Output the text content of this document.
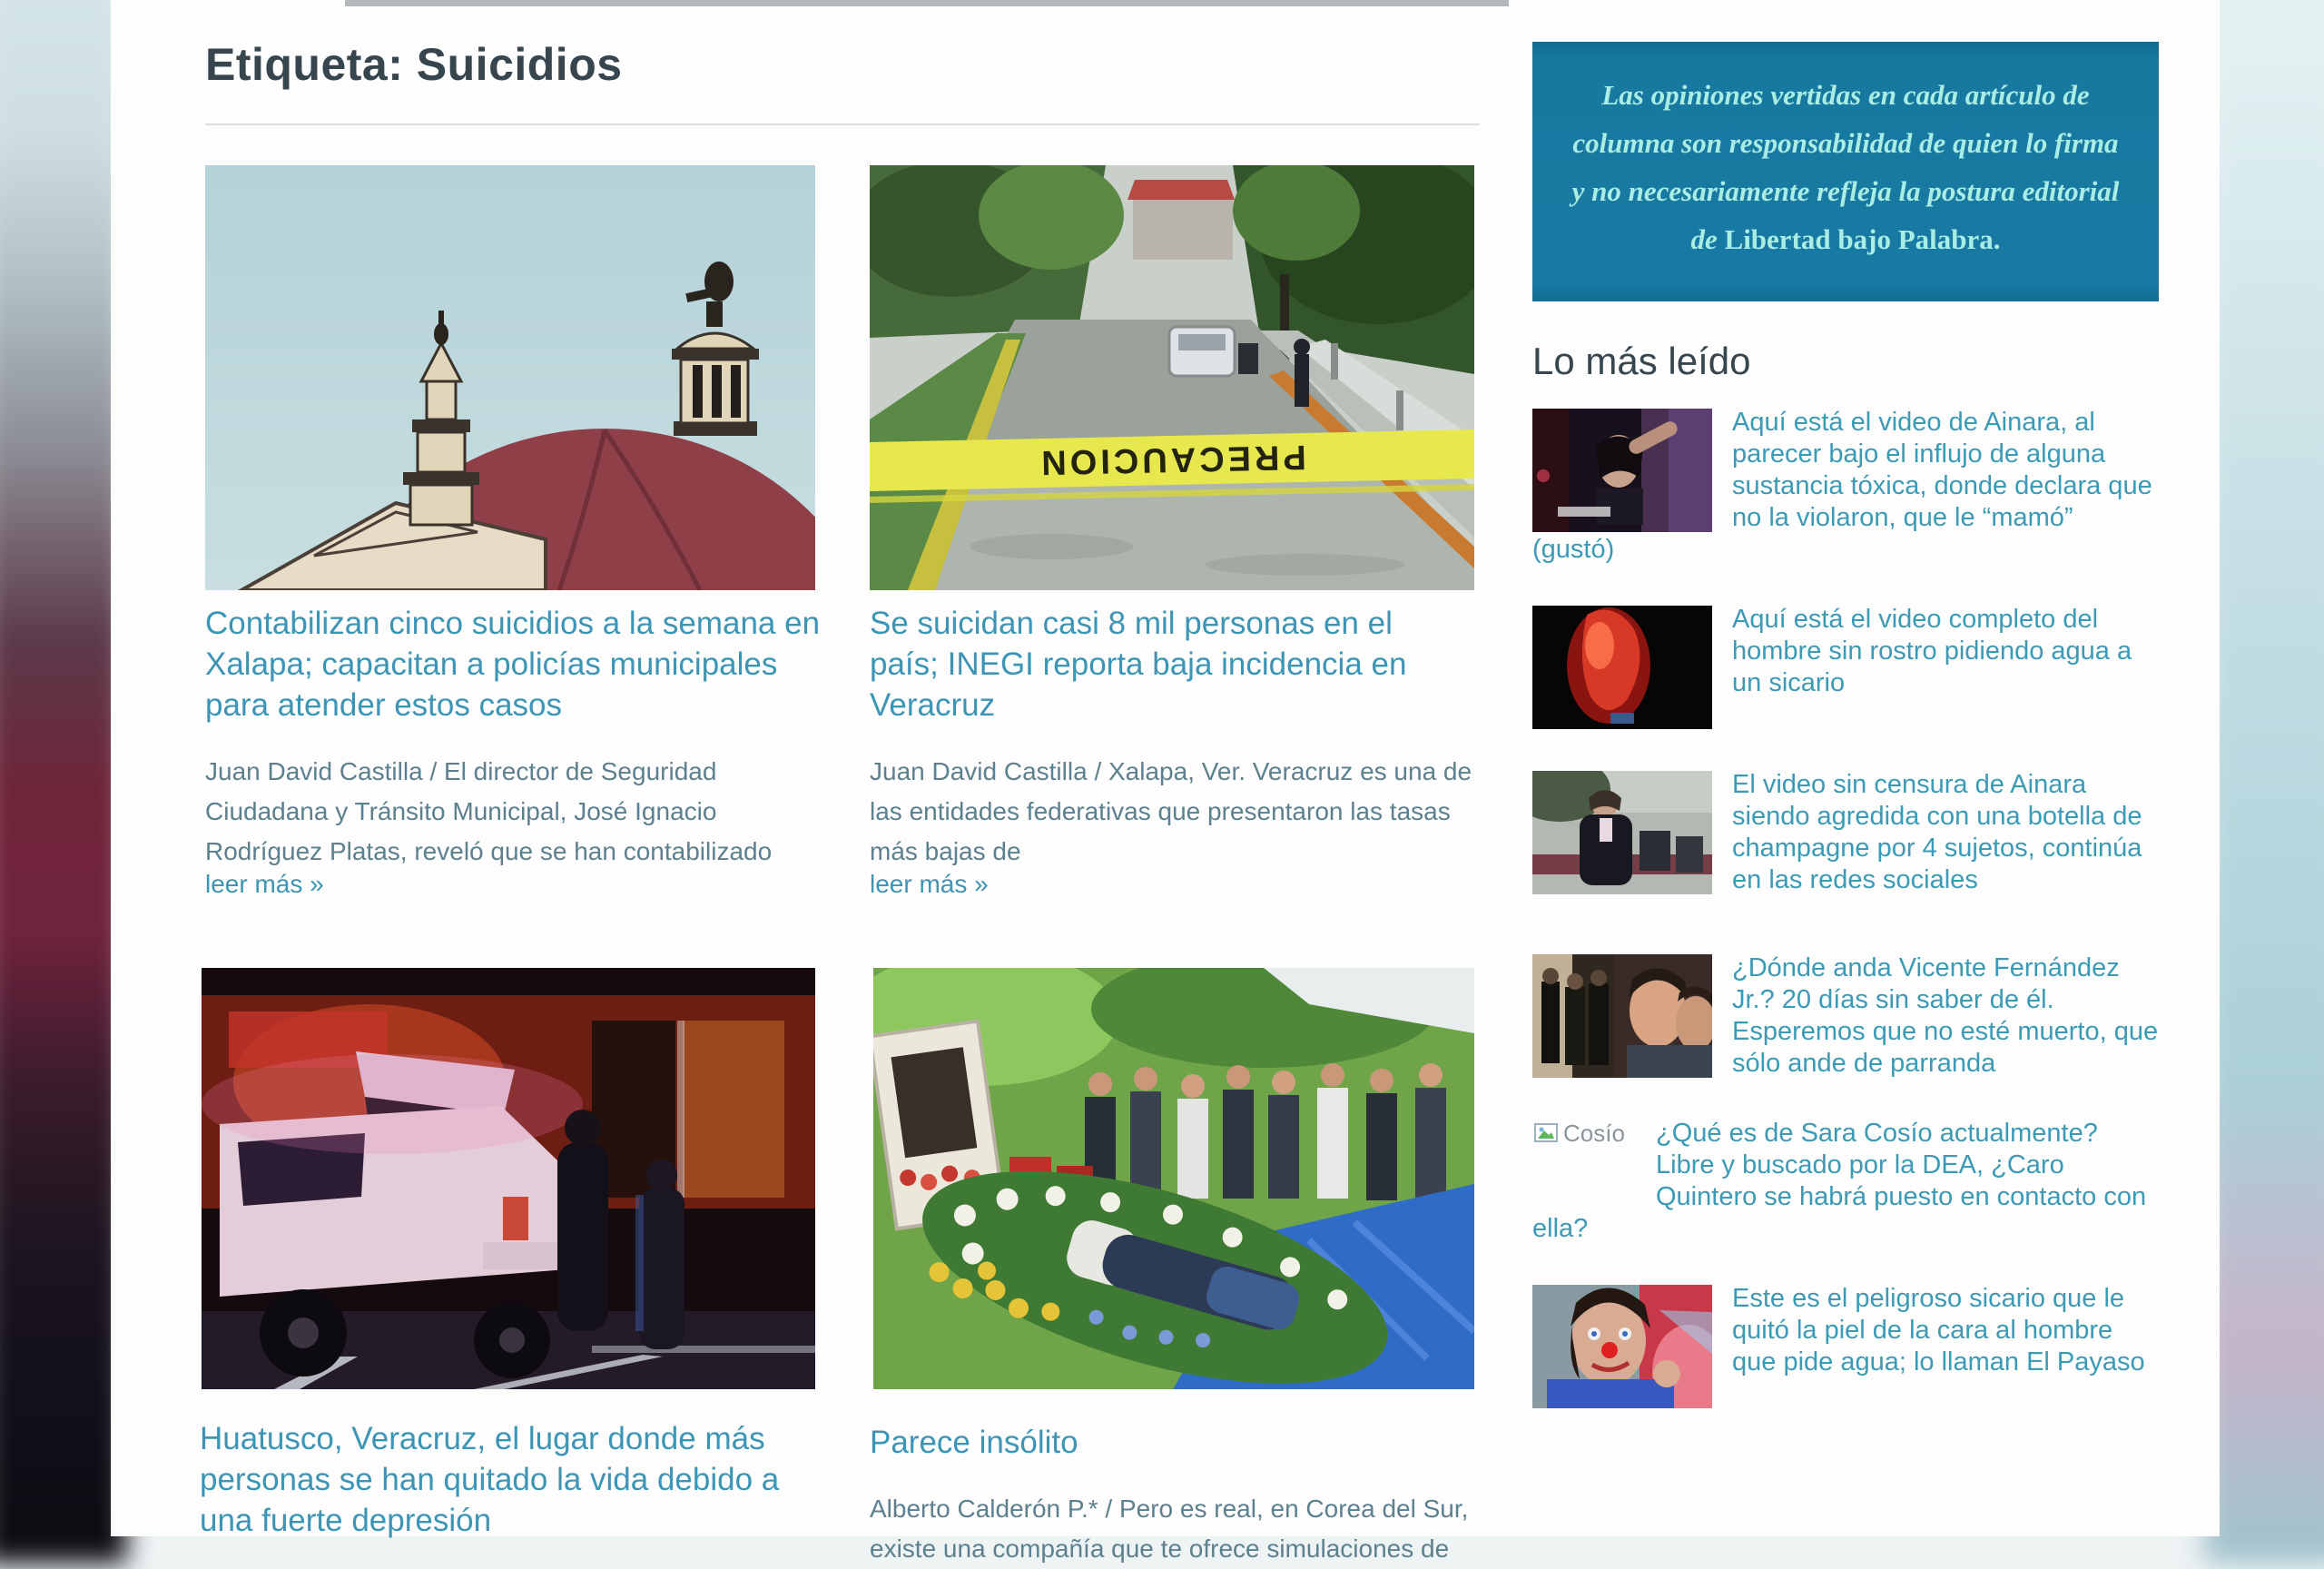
Etiqueta: Suicidios
PRECAUCION
Contabilizan cinco suicidios a la semana en Xalapa; capacitan a policías municipales para atender estos casos
Se suicidan casi 8 mil personas en el país; INEGI reporta baja incidencia en Veracruz

Juan David Castilla / El director de Seguridad Ciudadana y Tránsito Municipal, José Ignacio Rodríguez Platas, reveló que se han contabilizado

Juan David Castilla / Xalapa, Ver. Veracruz es una de las entidades federativas que presentaron las tasas más bajas de

leer más »	leer más »
Huatusco, Veracruz, el lugar donde más personas se han quitado la vida debido a una fuerte depresión
Parece insólito

Alberto Calderón P.* / Pero es real, en Corea del Sur, existe una compañía que te ofrece simulaciones de

Las opiniones vertidas en cada artículo de columna son responsabilidad de quien lo firma y no necesariamente refleja la postura editorial de Libertad bajo Palabra.
Lo más leído
Aquí está el video de Ainara, al parecer bajo el influjo de alguna sustancia tóxica, donde declara que no la violaron, que le “mamó” (gustó)
Aquí está el video completo del hombre sin rostro pidiendo agua a un sicario
El video sin censura de Ainara siendo agredida con una botella de champagne por 4 sujetos, continúa en las redes sociales
¿Dónde anda Vicente Fernández Jr.? 20 días sin saber de él. Esperemos que no esté muerto, que sólo ande de parranda
Cosío	¿Qué es de Sara Cosío actualmente? Libre y buscado por la DEA, ¿Caro Quintero se habrá puesto en contacto con ella?
Este es el peligroso sicario que le quitó la piel de la cara al hombre que pide agua; lo llaman El Payaso
